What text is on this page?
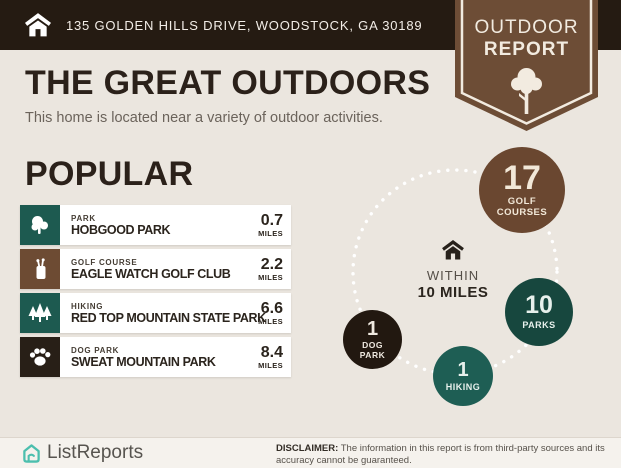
135 GOLDEN HILLS DRIVE, WOODSTOCK, GA 30189	OUTDOOR
REPORT
THE GREAT OUTDOORS
This home is located near a variety of outdoor activities.
POPULAR
PARK
HOBGOOD PARK
0.7
MILES
GOLF COURSE
EAGLE WATCH GOLF CLUB
2.2
MILES
HIKING
RED TOP MOUNTAIN STATE PARK
6.6
MILES
DOG PARK
SWEAT MOUNTAIN PARK
8.4
MILES
WITHIN
10 MILES
17
GOLF COURSES
10
PARKS
1
DOG PARK
1
HIKING
ListReports	DISCLAIMER: The information in this report is from third-party sources and its accuracy cannot be guaranteed.
